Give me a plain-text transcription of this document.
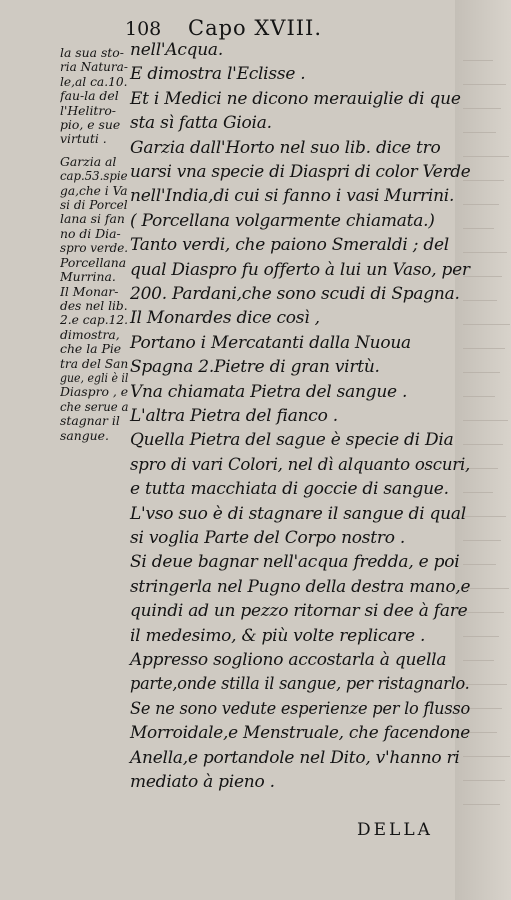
108 Capo XVIII.
la sua sto-
ria Natura-
le,al ca.10.
fau-la del
l'Helitro-
pio, e sue
virtuti .
Garzia al
cap.53.spie
ga,che i Va
si di Porcel
lana si fan
no di Dia-
spro verde.
Porcellana
Murrina.
Il Monar-
des nel lib.
2.e cap.12.
dimostra,
che la Pie
tra del San
gue, egli è il
Diaspro , e
che serue a
stagnar il
sangue.
nell'Acqua.
E dimostra l'Eclisse .
Et i Medici ne dicono merauiglie di que
sta sì fatta Gioia.
Garzia dall'Horto nel suo lib. dice tro
uarsi vna specie di Diaspri di color Verde
nell'India,di cui si fanno i vasi Murrini.
( Porcellana volgarmente chiamata.)
Tanto verdi, che paiono Smeraldi ; del
qual Diaspro fu offerto à lui un Vaso, per
200. Pardani,che sono scudi di Spagna.
Il Monardes dice così ,
Portano i Mercatanti dalla Nuoua
Spagna 2.Pietre di gran virtù.
Vna chiamata Pietra del sangue .
L'altra Pietra del fianco .
Quella Pietra del sague è specie di Dia
spro di vari Colori, nel dì alquanto oscuri,
e tutta macchiata di goccie di sangue.
L'vso suo è di stagnare il sangue di qual
si voglia Parte del Corpo nostro .
Si deue bagnar nell'acqua fredda, e poi
stringerla nel Pugno della destra mano,e
quindi ad un pezzo ritornar si dee à fare
il medesimo, & più volte replicare .
Appresso sogliono accostarla à quella
parte,onde stilla il sangue, per ristagnarlo.
Se ne sono vedute esperienze per lo flusso
Morroidale,e Menstruale, che facendone
Anella,e portandole nel Dito, v'hanno ri
mediato à pieno .
DELLA
